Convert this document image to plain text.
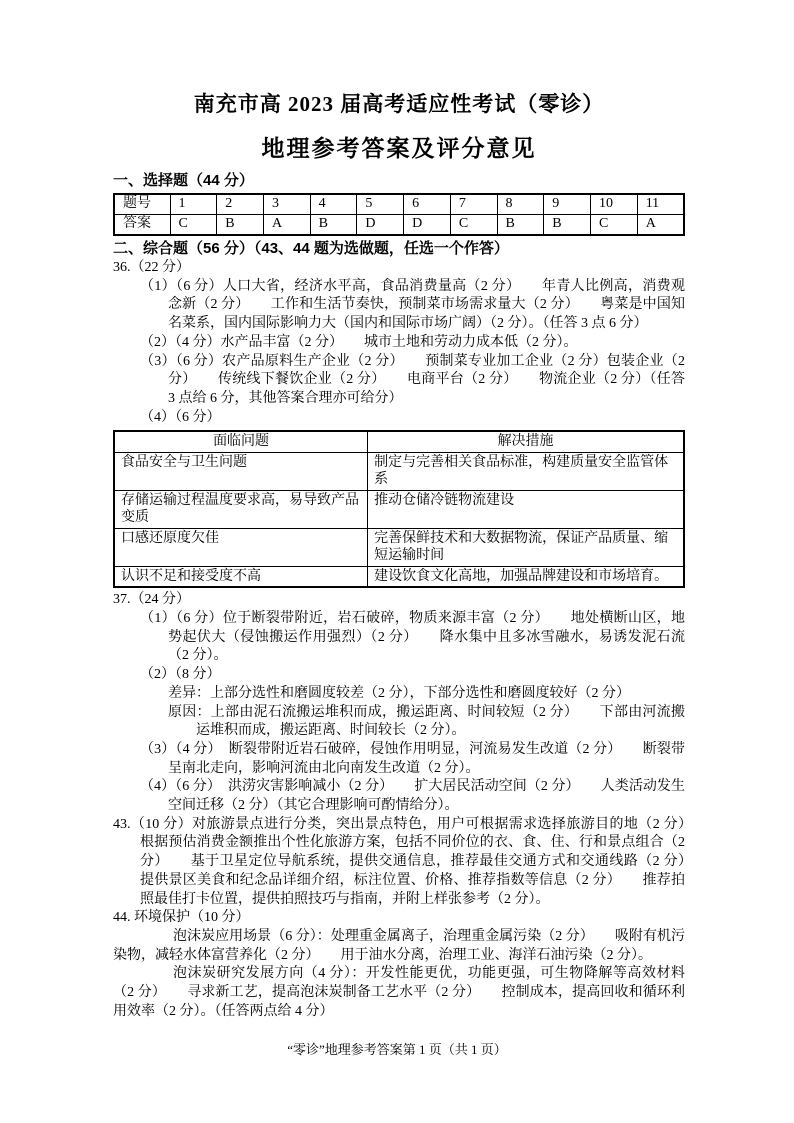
南充市高 2023 届高考适应性考试（零诊）
地理参考答案及评分意见
一、选择题（44 分）
题号	1	2	3	4	5	6	7	8	9	10	11
答案	C	B	A	B	D	D	C	B	B	C	A
二、综合题（56 分）（43、44 题为选做题，任选一个作答）

36.（22 分）

（1）（6 分）人口大省，经济水平高，食品消费量高（2 分）　　年青人比例高，消费观念新（2 分）　　工作和生活节奏快，预制菜市场需求量大（2 分）　　粤菜是中国知名菜系，国内国际影响力大（国内和国际市场广阔）（2 分）。（任答 3 点 6 分）

（2）（4 分）水产品丰富（2 分）　　城市土地和劳动力成本低（2 分）。

（3）（6 分）农产品原料生产企业（2 分）　　预制菜专业加工企业（2 分）包装企业（2 分）　　传统线下餐饮企业（2 分）　　电商平台（2 分）　　物流企业（2 分）（任答 3 点给 6 分，其他答案合理亦可给分）

（4）（6 分）

面临问题	解决措施
食品安全与卫生问题	制定与完善相关食品标准，构建质量安全监管体系
存储运输过程温度要求高，易导致产品变质	推动仓储冷链物流建设
口感还原度欠佳	完善保鲜技术和大数据物流，保证产品质量、缩短运输时间
认识不足和接受度不高	建设饮食文化高地，加强品牌建设和市场培育。

37.（24 分）

（1）（6 分）位于断裂带附近，岩石破碎，物质来源丰富（2 分）　　地处横断山区，地势起伏大（侵蚀搬运作用强烈）（2 分）　　降水集中且多冰雪融水，易诱发泥石流（2 分）。

（2）（8 分）

差异：上部分选性和磨圆度较差（2 分），下部分选性和磨圆度较好（2 分）

原因：上部由泥石流搬运堆积而成，搬运距离、时间较短（2 分）　　下部由河流搬运堆积而成，搬运距离、时间较长（2 分）。

（3）（4 分）　断裂带附近岩石破碎，侵蚀作用明显，河流易发生改道（2 分）　　断裂带呈南北走向，影响河流由北向南发生改道（2 分）。

（4）（6 分）　洪涝灾害影响减小（2 分）　　扩大居民活动空间（2 分）　　人类活动发生空间迁移（2 分）（其它合理影响可酌情给分）。

43.（10 分）对旅游景点进行分类，突出景点特色，用户可根据需求选择旅游目的地（2 分）　根据预估消费金额推出个性化旅游方案，包括不同价位的衣、食、住、行和景点组合（2 分）　　基于卫星定位导航系统，提供交通信息，推荐最佳交通方式和交通线路（2 分）　提供景区美食和纪念品详细介绍，标注位置、价格、推荐指数等信息（2 分）　　推荐拍照最佳打卡位置，提供拍照技巧与指南，并附上样张参考（2 分）。

44. 环境保护（10 分）

泡沫炭应用场景（6 分）：处理重金属离子，治理重金属污染（2 分）　　吸附有机污染物，减轻水体富营养化（2 分）　　用于油水分离，治理工业、海洋石油污染（2 分）。

泡沫炭研究发展方向（4 分）：开发性能更优，功能更强，可生物降解等高效材料（2 分）　　寻求新工艺，提高泡沫炭制备工艺水平（2 分）　　控制成本，提高回收和循环利用效率（2 分）。（任答两点给 4 分）

“零诊”地理参考答案第 1 页（共 1 页）
